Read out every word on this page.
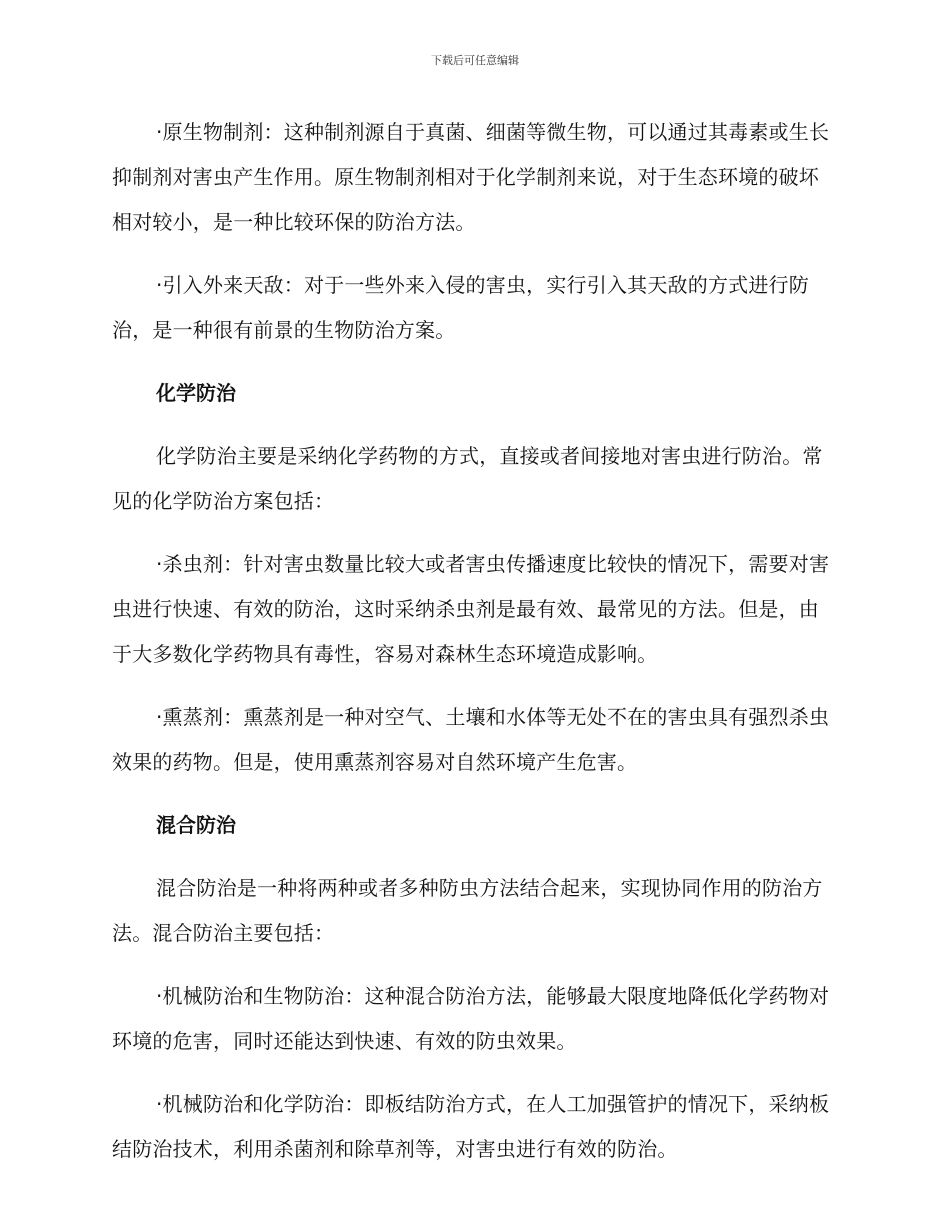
下载后可任意编辑

·原生物制剂：这种制剂源自于真菌、细菌等微生物，可以通过其毒素或生长抑制剂对害虫产生作用。原生物制剂相对于化学制剂来说，对于生态环境的破坏相对较小，是一种比较环保的防治方法。

·引入外来天敌：对于一些外来入侵的害虫，实行引入其天敌的方式进行防治，是一种很有前景的生物防治方案。

化学防治

化学防治主要是采纳化学药物的方式，直接或者间接地对害虫进行防治。常见的化学防治方案包括：

·杀虫剂：针对害虫数量比较大或者害虫传播速度比较快的情况下，需要对害虫进行快速、有效的防治，这时采纳杀虫剂是最有效、最常见的方法。但是，由于大多数化学药物具有毒性，容易对森林生态环境造成影响。

·熏蒸剂：熏蒸剂是一种对空气、土壤和水体等无处不在的害虫具有强烈杀虫效果的药物。但是，使用熏蒸剂容易对自然环境产生危害。

混合防治

混合防治是一种将两种或者多种防虫方法结合起来，实现协同作用的防治方法。混合防治主要包括：

·机械防治和生物防治：这种混合防治方法，能够最大限度地降低化学药物对环境的危害，同时还能达到快速、有效的防虫效果。

·机械防治和化学防治：即板结防治方式，在人工加强管护的情况下，采纳板结防治技术，利用杀菌剂和除草剂等，对害虫进行有效的防治。
